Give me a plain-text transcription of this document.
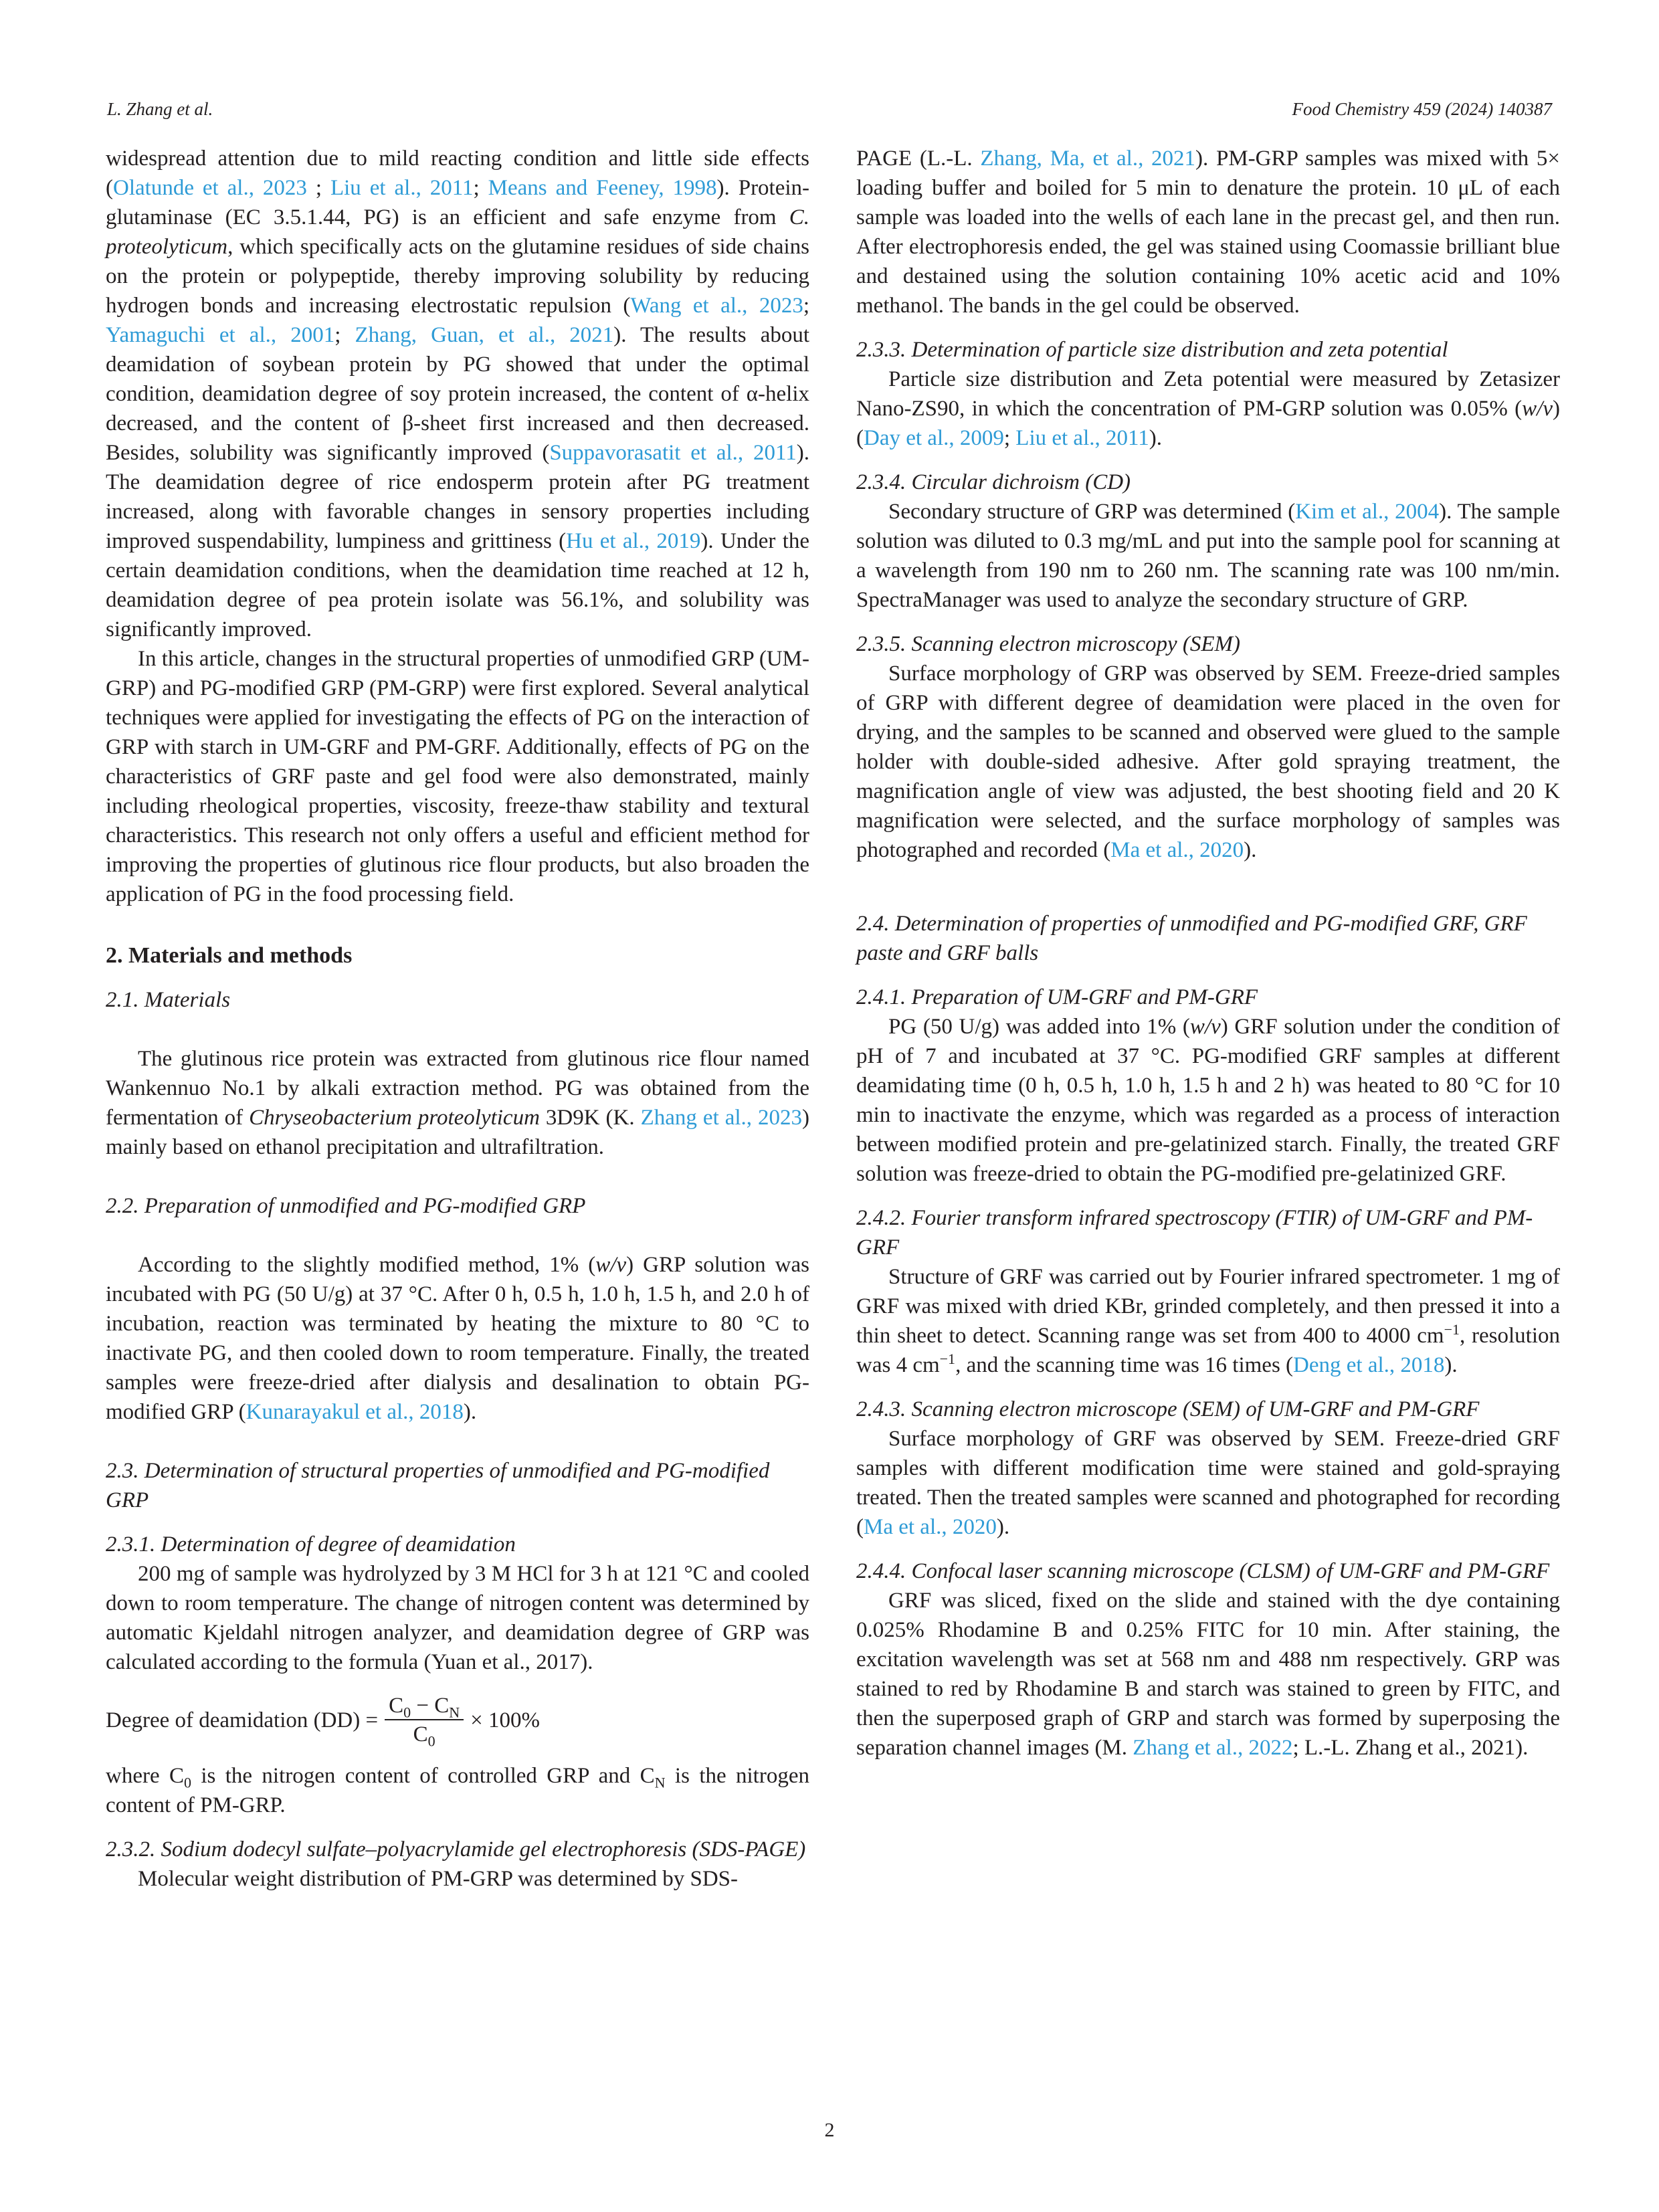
L. Zhang et al.	Food Chemistry 459 (2024) 140387

widespread attention due to mild reacting condition and little side effects (Olatunde et al., 2023 ; Liu et al., 2011; Means and Feeney, 1998). Protein-glutaminase (EC 3.5.1.44, PG) is an efficient and safe enzyme from C. proteolyticum, which specifically acts on the glutamine residues of side chains on the protein or polypeptide, thereby improving solubility by reducing hydrogen bonds and increasing electrostatic repulsion (Wang et al., 2023; Yamaguchi et al., 2001; Zhang, Guan, et al., 2021). The results about deamidation of soybean protein by PG showed that under the optimal condition, deamidation degree of soy protein increased, the content of α-helix decreased, and the content of β-sheet first increased and then decreased. Besides, solubility was significantly improved (Suppavorasatit et al., 2011). The deamidation degree of rice endosperm protein after PG treatment increased, along with favorable changes in sensory properties including improved suspendability, lumpiness and grittiness (Hu et al., 2019). Under the certain deamidation conditions, when the deamidation time reached at 12 h, deamidation degree of pea protein isolate was 56.1%, and solubility was significantly improved.

In this article, changes in the structural properties of unmodified GRP (UM-GRP) and PG-modified GRP (PM-GRP) were first explored. Several analytical techniques were applied for investigating the effects of PG on the interaction of GRP with starch in UM-GRF and PM-GRF. Additionally, effects of PG on the characteristics of GRF paste and gel food were also demonstrated, mainly including rheological properties, viscosity, freeze-thaw stability and textural characteristics. This research not only offers a useful and efficient method for improving the properties of glutinous rice flour products, but also broaden the application of PG in the food processing field.

2. Materials and methods
2.1. Materials

The glutinous rice protein was extracted from glutinous rice flour named Wankennuo No.1 by alkali extraction method. PG was obtained from the fermentation of Chryseobacterium proteolyticum 3D9K (K. Zhang et al., 2023) mainly based on ethanol precipitation and ultrafiltration.

2.2. Preparation of unmodified and PG-modified GRP

According to the slightly modified method, 1% (w/v) GRP solution was incubated with PG (50 U/g) at 37 °C. After 0 h, 0.5 h, 1.0 h, 1.5 h, and 2.0 h of incubation, reaction was terminated by heating the mixture to 80 °C to inactivate PG, and then cooled down to room temperature. Finally, the treated samples were freeze-dried after dialysis and desalination to obtain PG-modified GRP (Kunarayakul et al., 2018).

2.3. Determination of structural properties of unmodified and PG-modified GRP
2.3.1. Determination of degree of deamidation

200 mg of sample was hydrolyzed by 3 M HCl for 3 h at 121 °C and cooled down to room temperature. The change of nitrogen content was determined by automatic Kjeldahl nitrogen analyzer, and deamidation degree of GRP was calculated according to the formula (Yuan et al., 2017).

Degree of deamidation $(DD) = \frac{C_0 - C_N}{C_0} \times 100\%$

where $C_0$ is the nitrogen content of controlled GRP and $C_N$ is the nitrogen content of PM-GRP.

2.3.2. Sodium dodecyl sulfate–polyacrylamide gel electrophoresis (SDS-PAGE)

Molecular weight distribution of PM-GRP was determined by SDS-

PAGE (L.-L. Zhang, Ma, et al., 2021). PM-GRP samples was mixed with 5× loading buffer and boiled for 5 min to denature the protein. 10 μL of each sample was loaded into the wells of each lane in the precast gel, and then run. After electrophoresis ended, the gel was stained using Coomassie brilliant blue and destained using the solution containing 10% acetic acid and 10% methanol. The bands in the gel could be observed.

2.3.3. Determination of particle size distribution and zeta potential

Particle size distribution and Zeta potential were measured by Zetasizer Nano-ZS90, in which the concentration of PM-GRP solution was 0.05% (w/v) (Day et al., 2009; Liu et al., 2011).

2.3.4. Circular dichroism (CD)

Secondary structure of GRP was determined (Kim et al., 2004). The sample solution was diluted to 0.3 mg/mL and put into the sample pool for scanning at a wavelength from 190 nm to 260 nm. The scanning rate was 100 nm/min. SpectraManager was used to analyze the secondary structure of GRP.

2.3.5. Scanning electron microscopy (SEM)

Surface morphology of GRP was observed by SEM. Freeze-dried samples of GRP with different degree of deamidation were placed in the oven for drying, and the samples to be scanned and observed were glued to the sample holder with double-sided adhesive. After gold spraying treatment, the magnification angle of view was adjusted, the best shooting field and 20 K magnification were selected, and the surface morphology of samples was photographed and recorded (Ma et al., 2020).

2.4. Determination of properties of unmodified and PG-modified GRF, GRF paste and GRF balls
2.4.1. Preparation of UM-GRF and PM-GRF

PG (50 U/g) was added into 1% (w/v) GRF solution under the condition of pH of 7 and incubated at 37 °C. PG-modified GRF samples at different deamidating time (0 h, 0.5 h, 1.0 h, 1.5 h and 2 h) was heated to 80 °C for 10 min to inactivate the enzyme, which was regarded as a process of interaction between modified protein and pre-gelatinized starch. Finally, the treated GRF solution was freeze-dried to obtain the PG-modified pre-gelatinized GRF.

2.4.2. Fourier transform infrared spectroscopy (FTIR) of UM-GRF and PM-GRF

Structure of GRF was carried out by Fourier infrared spectrometer. 1 mg of GRF was mixed with dried KBr, grinded completely, and then pressed it into a thin sheet to detect. Scanning range was set from 400 to 4000 $cm^{-1}$, resolution was 4 $cm^{-1}$, and the scanning time was 16 times (Deng et al., 2018).

2.4.3. Scanning electron microscope (SEM) of UM-GRF and PM-GRF

Surface morphology of GRF was observed by SEM. Freeze-dried GRF samples with different modification time were stained and gold-spraying treated. Then the treated samples were scanned and photographed for recording (Ma et al., 2020).

2.4.4. Confocal laser scanning microscope (CLSM) of UM-GRF and PM-GRF

GRF was sliced, fixed on the slide and stained with the dye containing 0.025% Rhodamine B and 0.25% FITC for 10 min. After staining, the excitation wavelength was set at 568 nm and 488 nm respectively. GRP was stained to red by Rhodamine B and starch was stained to green by FITC, and then the superposed graph of GRP and starch was formed by superposing the separation channel images (M. Zhang et al., 2022; L.-L. Zhang et al., 2021).

2
